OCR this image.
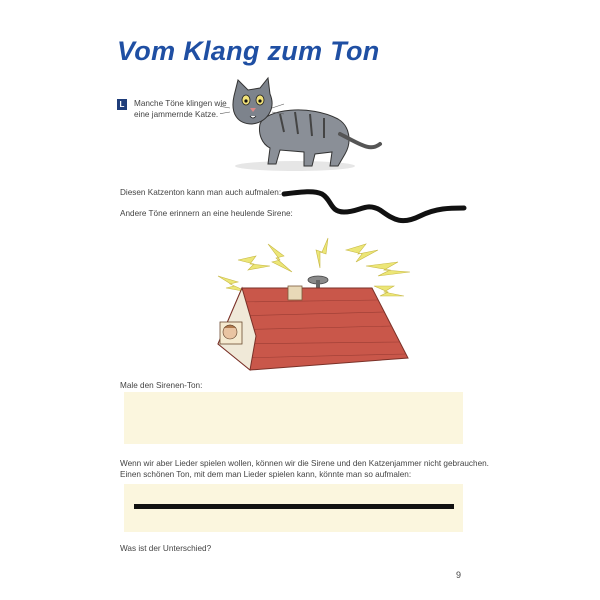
Vom Klang zum Ton
L	Manche Töne klingen wie
eine jammernde Katze.
Diesen Katzenton kann man auch aufmalen:
Andere Töne erinnern an eine heulende Sirene:
Male den Sirenen-Ton:
Wenn wir aber Lieder spielen wollen, können wir die Sirene und den Katzenjammer nicht gebrauchen.
Einen schönen Ton, mit dem man Lieder spielen kann, könnte man so aufmalen:
Was ist der Unterschied?
9
